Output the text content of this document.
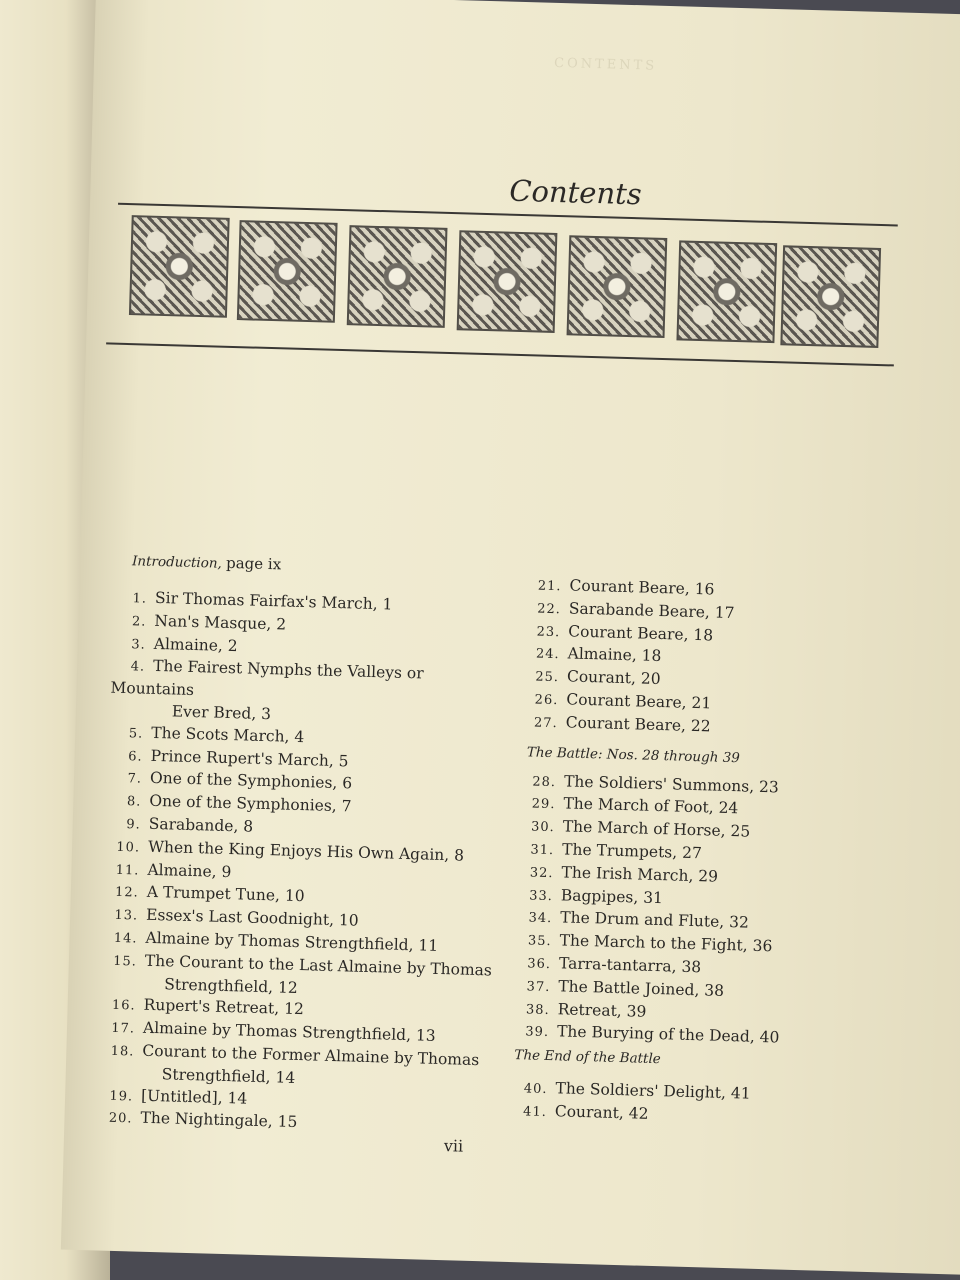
CONTENTS
Contents
Introduction, page ix
1. Sir Thomas Fairfax's March, 1
2. Nan's Masque, 2
3. Almaine, 2
4. The Fairest Nymphs the Valleys or Mountains
Ever Bred, 3
5. The Scots March, 4
6. Prince Rupert's March, 5
7. One of the Symphonies, 6
8. One of the Symphonies, 7
9. Sarabande, 8
10. When the King Enjoys His Own Again, 8
11. Almaine, 9
12. A Trumpet Tune, 10
13. Essex's Last Goodnight, 10
14. Almaine by Thomas Strengthfield, 11
15. The Courant to the Last Almaine by Thomas
Strengthfield, 12
16. Rupert's Retreat, 12
17. Almaine by Thomas Strengthfield, 13
18. Courant to the Former Almaine by Thomas
Strengthfield, 14
19. [Untitled], 14
20. The Nightingale, 15
21. Courant Beare, 16
22. Sarabande Beare, 17
23. Courant Beare, 18
24. Almaine, 18
25. Courant, 20
26. Courant Beare, 21
27. Courant Beare, 22
The Battle: Nos. 28 through 39
28. The Soldiers' Summons, 23
29. The March of Foot, 24
30. The March of Horse, 25
31. The Trumpets, 27
32. The Irish March, 29
33. Bagpipes, 31
34. The Drum and Flute, 32
35. The March to the Fight, 36
36. Tarra-tantarra, 38
37. The Battle Joined, 38
38. Retreat, 39
39. The Burying of the Dead, 40
The End of the Battle
40. The Soldiers' Delight, 41
41. Courant, 42
vii
